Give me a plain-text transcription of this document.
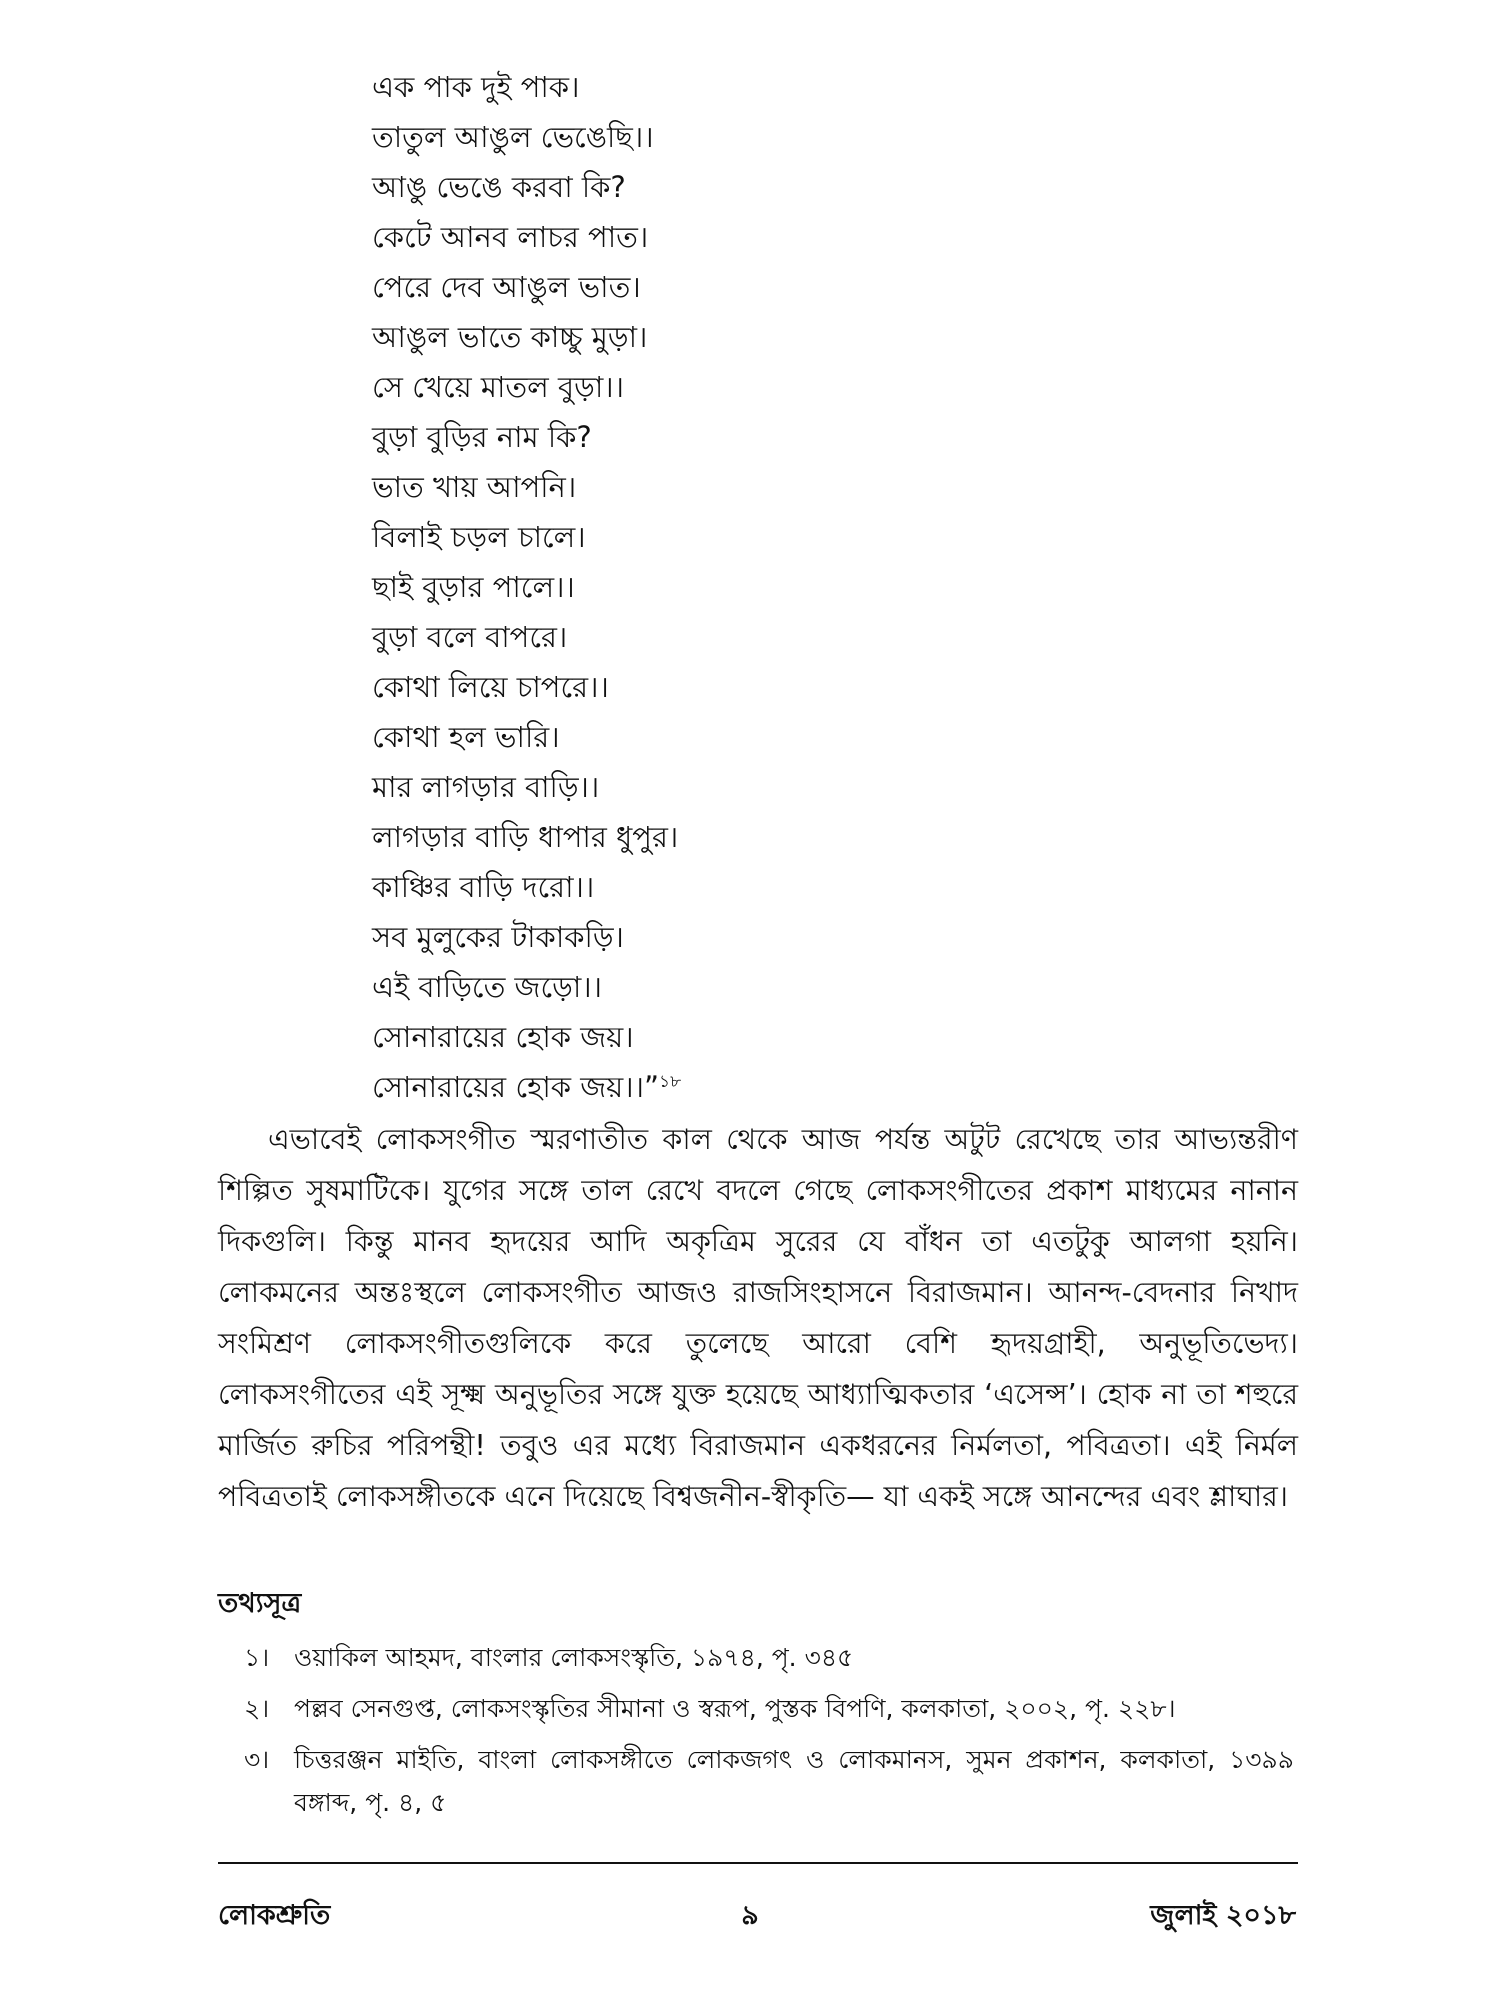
এক পাক দুই পাক।
তাতুল আঙুল ভেঙেছি।।
আঙু ভেঙে করবা কি?
কেটে আনব লাচর পাত।
পেরে দেব আঙুল ভাত।
আঙুল ভাতে কাচ্চু মুড়া।
সে খেয়ে মাতল বুড়া।।
বুড়া বুড়ির নাম কি?
ভাত খায় আপনি।
বিলাই চড়ল চালে।
ছাই বুড়ার পালে।।
বুড়া বলে বাপরে।
কোথা লিয়ে চাপরে।।
কোথা হল ভারি।
মার লাগড়ার বাড়ি।।
লাগড়ার বাড়ি ধাপার ধুপুর।
কাঞ্চির বাড়ি দরো।।
সব মুলুকের টাকাকড়ি।
এই বাড়িতে জড়ো।।
সোনারায়ের হোক জয়।
সোনারায়ের হোক জয়।।”$^{১৮}$

এভাবেই লোকসংগীত স্মরণাতীত কাল থেকে আজ পর্যন্ত অটুট রেখেছে তার আভ্যন্তরীণ শিল্পিত সুষমাটিকে। যুগের সঙ্গে তাল রেখে বদলে গেছে লোকসংগীতের প্রকাশ মাধ্যমের নানান দিকগুলি। কিন্তু মানব হৃদয়ের আদি অকৃত্রিম সুরের যে বাঁধন তা এতটুকু আলগা হয়নি। লোকমনের অন্তঃস্থলে লোকসংগীত আজও রাজসিংহাসনে বিরাজমান। আনন্দ-বেদনার নিখাদ সংমিশ্রণ লোকসংগীতগুলিকে করে তুলেছে আরো বেশি হৃদয়গ্রাহী, অনুভূতিভেদ্য। লোকসংগীতের এই সূক্ষ্ম অনুভূতির সঙ্গে যুক্ত হয়েছে আধ্যাত্মিকতার ‘এসেন্স’। হোক না তা শহুরে মার্জিত রুচির পরিপন্থী! তবুও এর মধ্যে বিরাজমান একধরনের নির্মলতা, পবিত্রতা। এই নির্মল পবিত্রতাই লোকসঙ্গীতকে এনে দিয়েছে বিশ্বজনীন-স্বীকৃতি— যা একই সঙ্গে আনন্দের এবং শ্লাঘার।

তথ্যসূত্র
১। ওয়াকিল আহমদ, বাংলার লোকসংস্কৃতি, ১৯৭৪, পৃ. ৩৪৫
২। পল্লব সেনগুপ্ত, লোকসংস্কৃতির সীমানা ও স্বরূপ, পুস্তক বিপণি, কলকাতা, ২০০২, পৃ. ২২৮।
৩। চিত্তরঞ্জন মাইতি, বাংলা লোকসঙ্গীতে লোকজগৎ ও লোকমানস, সুমন প্রকাশন, কলকাতা, ১৩৯৯ বঙ্গাব্দ, পৃ. ৪, ৫
লোকশ্রুতি	৯	জুলাই ২০১৮
